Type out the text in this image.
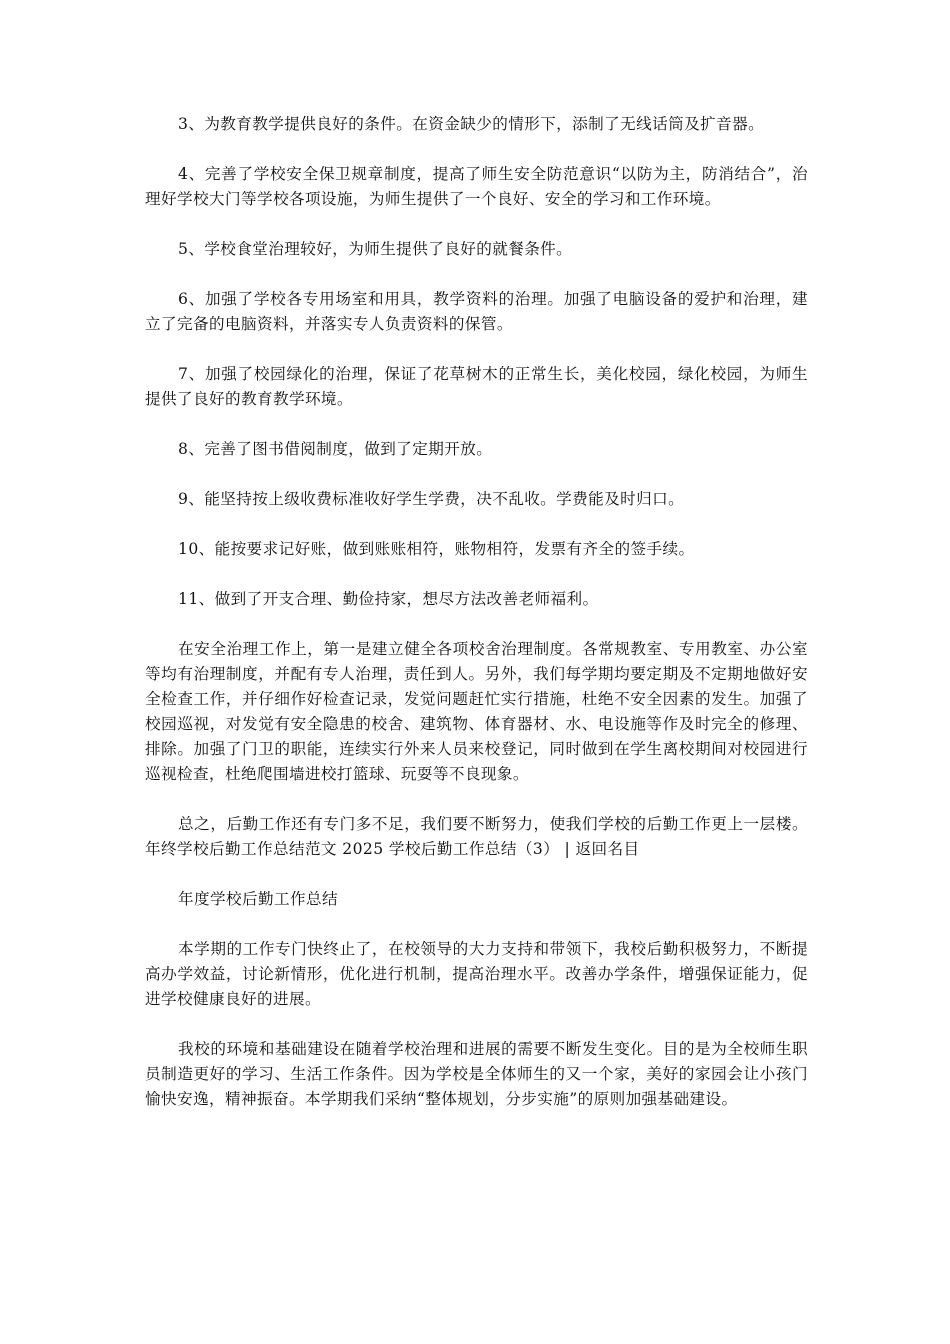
3、为教育教学提供良好的条件。在资金缺少的情形下，添制了无线话筒及扩音器。

4、完善了学校安全保卫规章制度，提高了师生安全防范意识“以防为主，防消结合”，治理好学校大门等学校各项设施，为师生提供了一个良好、安全的学习和工作环境。

5、学校食堂治理较好，为师生提供了良好的就餐条件。

6、加强了学校各专用场室和用具，教学资料的治理。加强了电脑设备的爱护和治理，建立了完备的电脑资料，并落实专人负责资料的保管。

7、加强了校园绿化的治理，保证了花草树木的正常生长，美化校园，绿化校园，为师生提供了良好的教育教学环境。

8、完善了图书借阅制度，做到了定期开放。

9、能坚持按上级收费标准收好学生学费，决不乱收。学费能及时归口。

10、能按要求记好账，做到账账相符，账物相符，发票有齐全的签手续。

11、做到了开支合理、勤俭持家，想尽方法改善老师福利。

在安全治理工作上，第一是建立健全各项校舍治理制度。各常规教室、专用教室、办公室等均有治理制度，并配有专人治理，责任到人。另外，我们每学期均要定期及不定期地做好安全检查工作，并仔细作好检查记录，发觉问题赶忙实行措施，杜绝不安全因素的发生。加强了校园巡视，对发觉有安全隐患的校舍、建筑物、体育器材、水、电设施等作及时完全的修理、排除。加强了门卫的职能，连续实行外来人员来校登记，同时做到在学生离校期间对校园进行巡视检查，杜绝爬围墙进校打篮球、玩耍等不良现象。

总之，后勤工作还有专门多不足，我们要不断努力，使我们学校的后勤工作更上一层楼。年终学校后勤工作总结范文 2025 学校后勤工作总结（3） | 返回名目

年度学校后勤工作总结

本学期的工作专门快终止了，在校领导的大力支持和带领下，我校后勤积极努力，不断提高办学效益，讨论新情形，优化进行机制，提高治理水平。改善办学条件，增强保证能力，促进学校健康良好的进展。

我校的环境和基础建设在随着学校治理和进展的需要不断发生变化。目的是为全校师生职员制造更好的学习、生活工作条件。因为学校是全体师生的又一个家，美好的家园会让小孩门愉快安逸，精神振奋。本学期我们采纳“整体规划，分步实施”的原则加强基础建设。
